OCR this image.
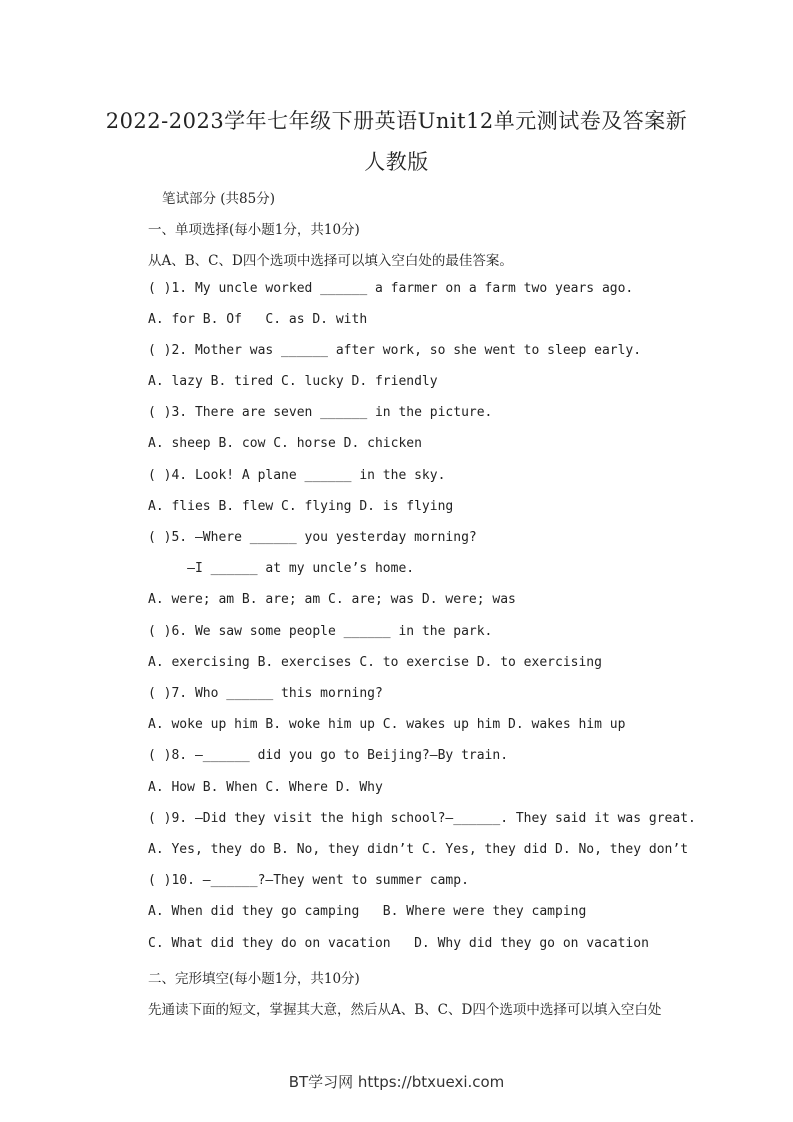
2022-2023学年七年级下册英语Unit12单元测试卷及答案新
人教版
笔试部分 (共85分)
一、单项选择(每小题1分，共10分)
从A、B、C、D四个选项中选择可以填入空白处的最佳答案。
( )1. My uncle worked ______ a farmer on a farm two years ago.
A. for B. Of   C. as D. with
( )2. Mother was ______ after work, so she went to sleep early.
A. lazy B. tired C. lucky D. friendly
( )3. There are seven ______ in the picture.
A. sheep B. cow C. horse D. chicken
( )4. Look! A plane ______ in the sky.
A. flies B. flew C. flying D. is flying
( )5. —Where ______ you yesterday morning?
—I ______ at my uncle’s home.
A. were; am B. are; am C. are; was D. were; was
( )6. We saw some people ______ in the park.
A. exercising B. exercises C. to exercise D. to exercising
( )7. Who ______ this morning?
A. woke up him B. woke him up C. wakes up him D. wakes him up
( )8. —______ did you go to Beijing?—By train.
A. How B. When C. Where D. Why
( )9. —Did they visit the high school?—______. They said it was great.
A. Yes, they do B. No, they didn’t C. Yes, they did D. No, they don’t
( )10. —______?—They went to summer camp.
A. When did they go camping   B. Where were they camping
C. What did they do on vacation   D. Why did they go on vacation
二、完形填空(每小题1分，共10分)
先通读下面的短文，掌握其大意，然后从A、B、C、D四个选项中选择可以填入空白处
BT学习网 https://btxuexi.com
